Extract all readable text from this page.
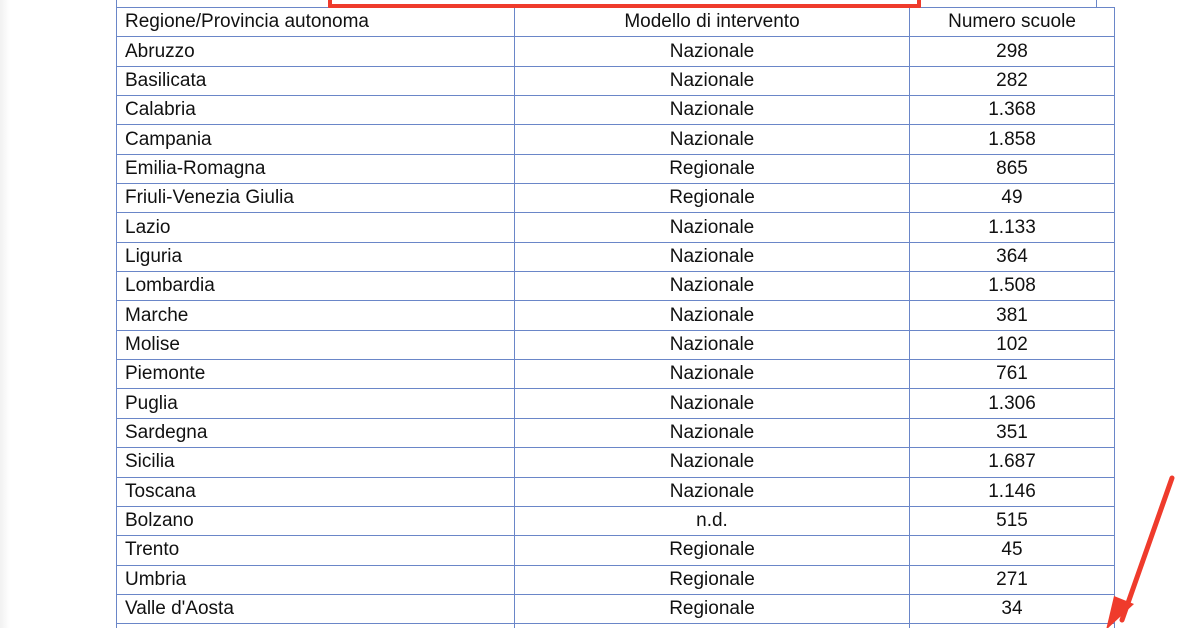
Regione/Provincia autonoma	Modello di intervento	Numero scuole
Abruzzo	Nazionale	298
Basilicata	Nazionale	282
Calabria	Nazionale	1.368
Campania	Nazionale	1.858
Emilia-Romagna	Regionale	865
Friuli-Venezia Giulia	Regionale	49
Lazio	Nazionale	1.133
Liguria	Nazionale	364
Lombardia	Nazionale	1.508
Marche	Nazionale	381
Molise	Nazionale	102
Piemonte	Nazionale	761
Puglia	Nazionale	1.306
Sardegna	Nazionale	351
Sicilia	Nazionale	1.687
Toscana	Nazionale	1.146
Bolzano	n.d.	515
Trento	Regionale	45
Umbria	Regionale	271
Valle d'Aosta	Regionale	34
